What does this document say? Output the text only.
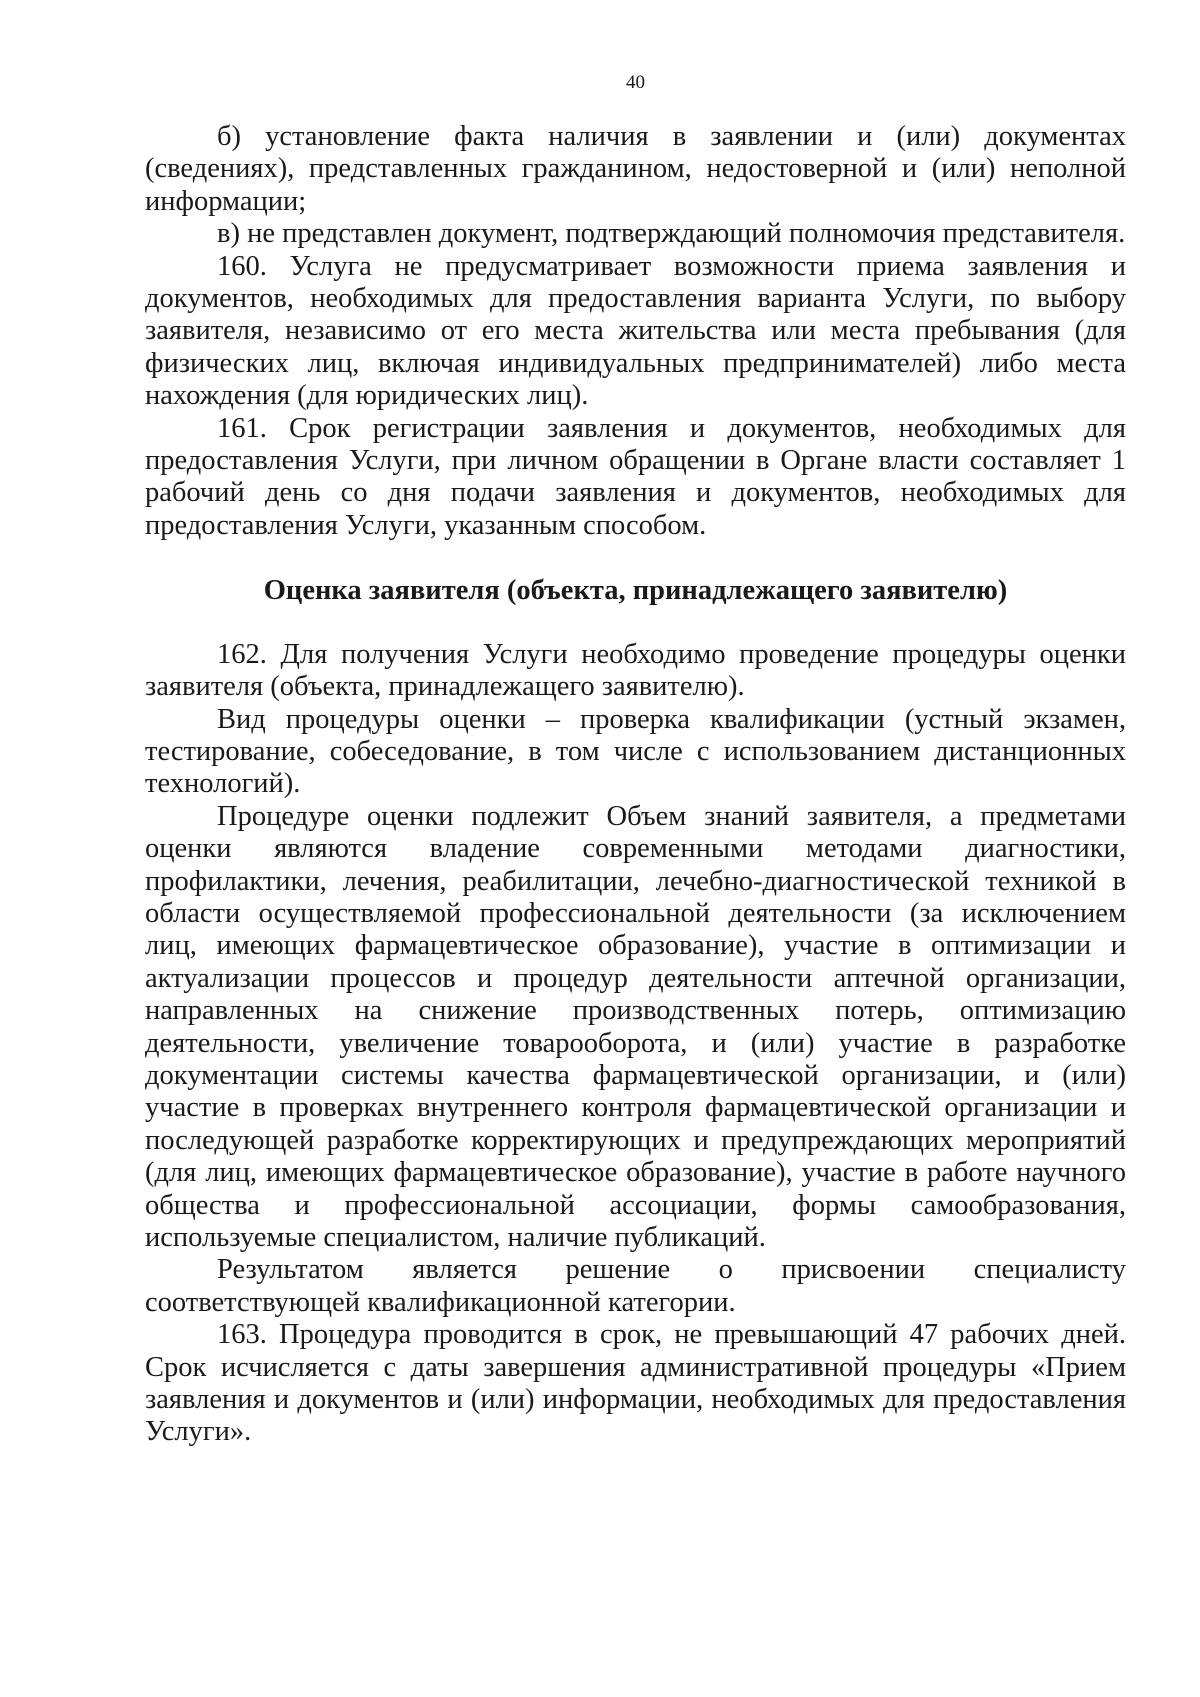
40

б) установление факта наличия в заявлении и (или) документах (сведениях), представленных гражданином, недостоверной и (или) неполной информации;

в) не представлен документ, подтверждающий полномочия представителя.

160. Услуга не предусматривает возможности приема заявления и документов, необходимых для предоставления варианта Услуги, по выбору заявителя, независимо от его места жительства или места пребывания (для физических лиц, включая индивидуальных предпринимателей) либо места нахождения (для юридических лиц).

161. Срок регистрации заявления и документов, необходимых для предоставления Услуги, при личном обращении в Органе власти составляет 1 рабочий день со дня подачи заявления и документов, необходимых для предоставления Услуги, указанным способом.

Оценка заявителя (объекта, принадлежащего заявителю)

162. Для получения Услуги необходимо проведение процедуры оценки заявителя (объекта, принадлежащего заявителю).

Вид процедуры оценки – проверка квалификации (устный экзамен, тестирование, собеседование, в том числе с использованием дистанционных технологий).

Процедуре оценки подлежит Объем знаний заявителя, а предметами оценки являются владение современными методами диагностики, профилактики, лечения, реабилитации, лечебно-диагностической техникой в области осуществляемой профессиональной деятельности (за исключением лиц, имеющих фармацевтическое образование), участие в оптимизации и актуализации процессов и процедур деятельности аптечной организации, направленных на снижение производственных потерь, оптимизацию деятельности, увеличение товарооборота, и (или) участие в разработке документации системы качества фармацевтической организации, и (или) участие в проверках внутреннего контроля фармацевтической организации и последующей разработке корректирующих и предупреждающих мероприятий (для лиц, имеющих фармацевтическое образование), участие в работе научного общества и профессиональной ассоциации, формы самообразования, используемые специалистом, наличие публикаций.

Результатом является решение о присвоении специалисту соответствующей квалификационной категории.

163. Процедура проводится в срок, не превышающий 47 рабочих дней. Срок исчисляется с даты завершения административной процедуры «Прием заявления и документов и (или) информации, необходимых для предоставления Услуги».
